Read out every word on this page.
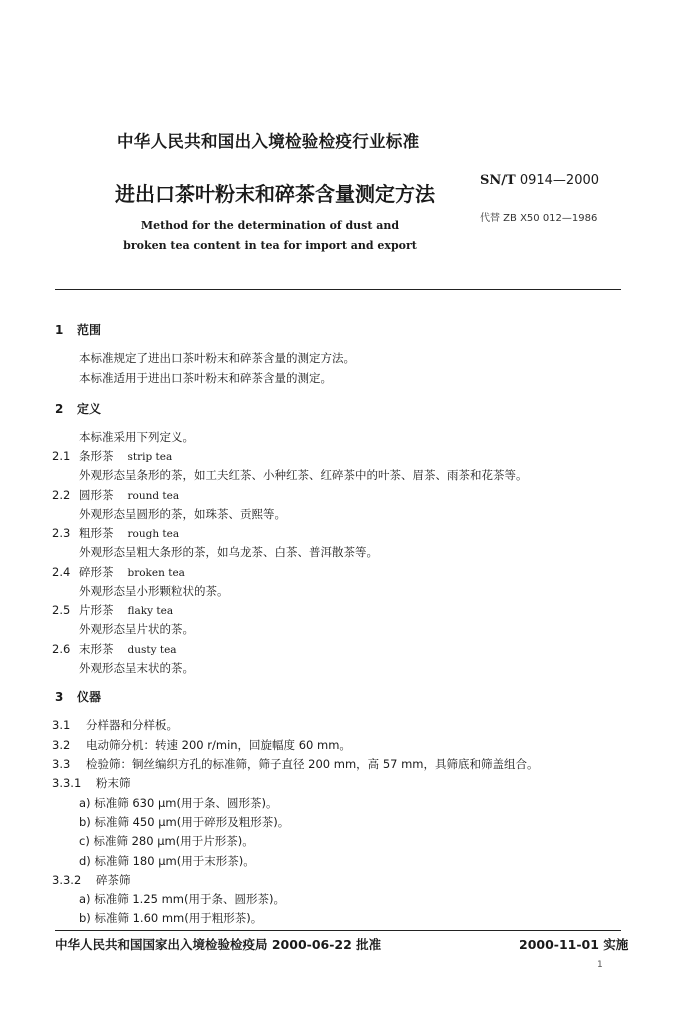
中华人民共和国出入境检验检疫行业标准
进出口茶叶粉末和碎茶含量测定方法
SN/T 0914—2000
代替 ZB X50 012—1986
Method for the determination of dust and
broken tea content in tea for import and export
1 范围
本标准规定了进出口茶叶粉末和碎茶含量的测定方法。
本标准适用于进出口茶叶粉末和碎茶含量的测定。
2 定义
本标准采用下列定义。
2.1 条形茶 strip tea
外观形态呈条形的茶，如工夫红茶、小种红茶、红碎茶中的叶茶、眉茶、雨茶和花茶等。
2.2 圆形茶 round tea
外观形态呈圆形的茶，如珠茶、贡熙等。
2.3 粗形茶 rough tea
外观形态呈粗大条形的茶，如乌龙茶、白茶、普洱散茶等。
2.4 碎形茶 broken tea
外观形态呈小形颗粒状的茶。
2.5 片形茶 flaky tea
外观形态呈片状的茶。
2.6 末形茶 dusty tea
外观形态呈末状的茶。
3 仪器
3.1 分样器和分样板。
3.2 电动筛分机：转速 200 r/min，回旋幅度 60 mm。
3.3 检验筛：铜丝编织方孔的标准筛，筛子直径 200 mm，高 57 mm，具筛底和筛盖组合。
3.3.1 粉末筛
a) 标准筛 630 μm(用于条、圆形茶)。
b) 标准筛 450 μm(用于碎形及粗形茶)。
c) 标准筛 280 μm(用于片形茶)。
d) 标准筛 180 μm(用于末形茶)。
3.3.2 碎茶筛
a) 标准筛 1.25 mm(用于条、圆形茶)。
b) 标准筛 1.60 mm(用于粗形茶)。
中华人民共和国国家出入境检验检疫局 2000-06-22 批准	2000-11-01 实施
1
